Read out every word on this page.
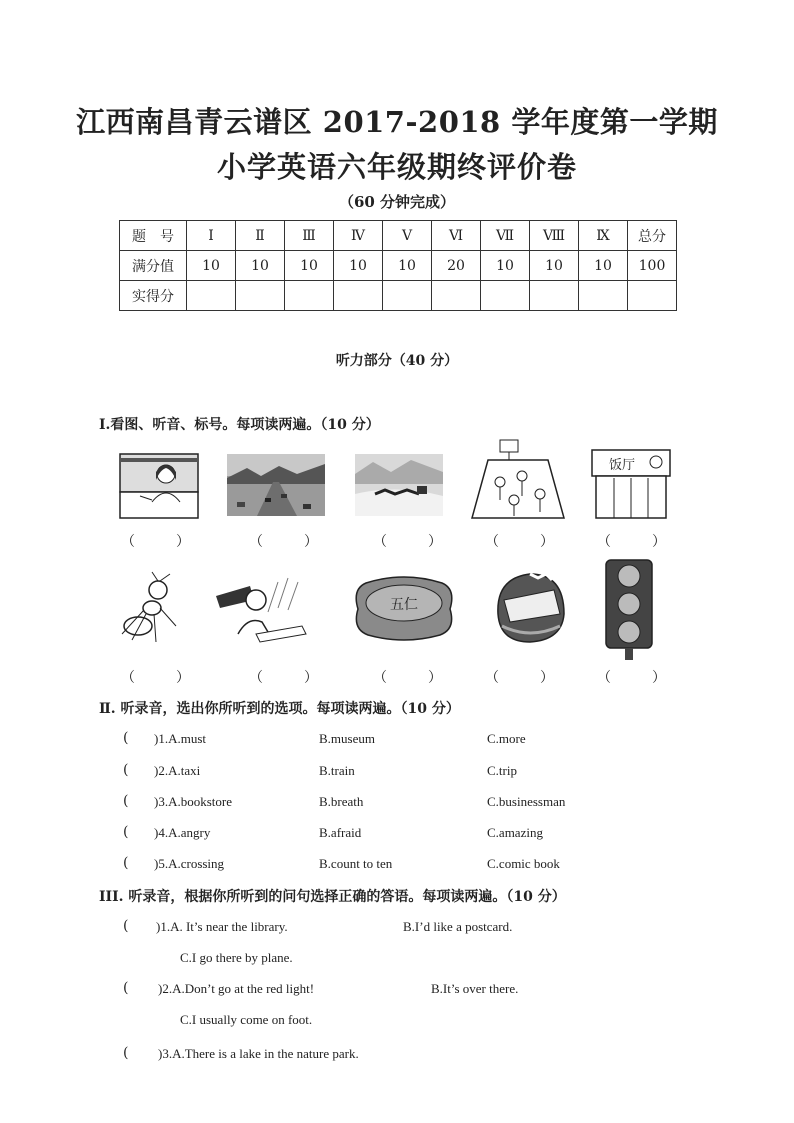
江西南昌青云谱区 2017-2018 学年度第一学期
小学英语六年级期终评价卷
（60 分钟完成）
题　号	Ⅰ	Ⅱ	Ⅲ	Ⅳ	Ⅴ	Ⅵ	Ⅶ	Ⅷ	Ⅸ	总分
满分值	10	10	10	10	10	20	10	10	10	100
实得分										
听力部分（40 分）
Ⅰ.看图、听音、标号。每项读两遍。（10 分）
饭厅
（	）	（	）	（	）	（	）	（	）
五仁
（	）	（	）	（	）	（	）	（	）
Ⅱ. 听录音，选出你所听到的选项。每项读两遍。（10 分）
( )1.A.must	B.museum	C.more
( )2.A.taxi	B.train	C.trip
( )3.A.bookstore	B.breath	C.businessman
( )4.A.angry	B.afraid	C.amazing
( )5.A.crossing	B.count to ten	C.comic book
III. 听录音，根据你所听到的问句选择正确的答语。每项读两遍。（10 分）
( )1.A. It’s near the library.	B.I’d like a postcard.
C.I go there by plane.
( )2.A.Don’t go at the red light!	B.It’s over there.
C.I usually come on foot.
( )3.A.There is a lake in the nature park.
